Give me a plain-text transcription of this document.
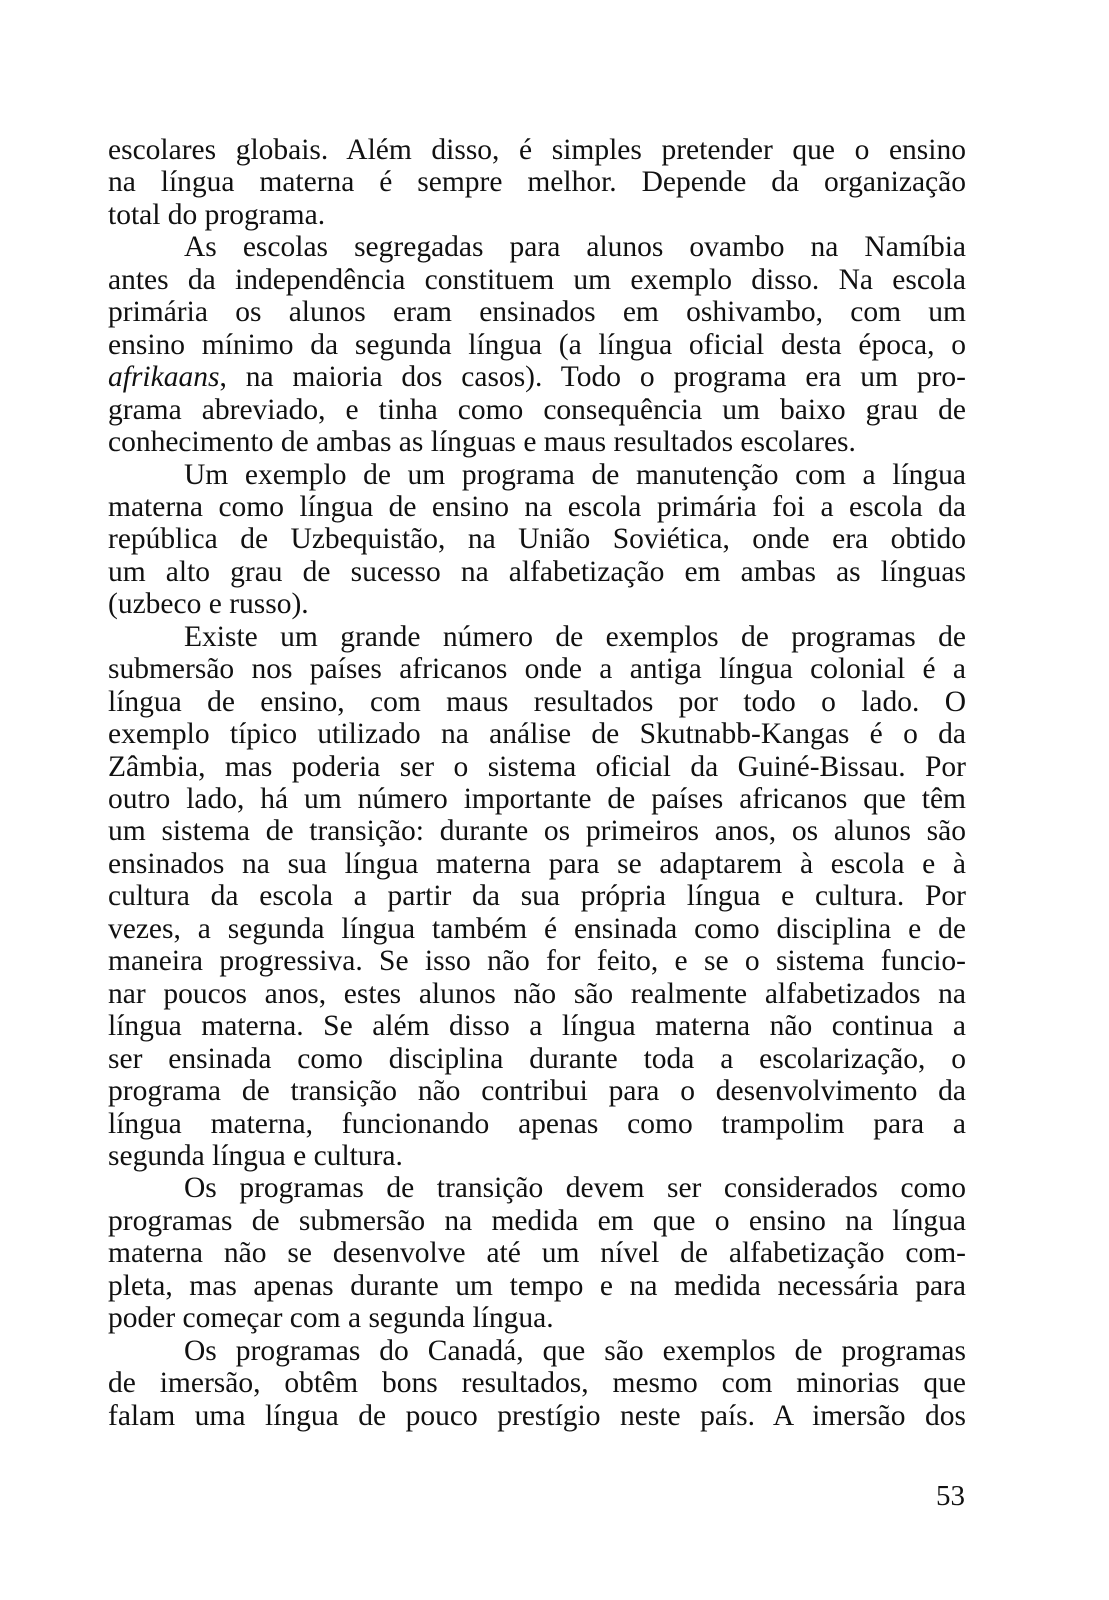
escolares globais. Além disso, é simples pretender que o ensino
na língua materna é sempre melhor. Depende da organização
total do programa.
As escolas segregadas para alunos ovambo na Namíbia
antes da independência constituem um exemplo disso. Na escola
primária os alunos eram ensinados em oshivambo, com um
ensino mínimo da segunda língua (a língua oficial desta época, o
afrikaans, na maioria dos casos). Todo o programa era um pro-
grama abreviado, e tinha como consequência um baixo grau de
conhecimento de ambas as línguas e maus resultados escolares.
Um exemplo de um programa de manutenção com a língua
materna como língua de ensino na escola primária foi a escola da
república de Uzbequistão, na União Soviética, onde era obtido
um alto grau de sucesso na alfabetização em ambas as línguas
(uzbeco e russo).
Existe um grande número de exemplos de programas de
submersão nos países africanos onde a antiga língua colonial é a
língua de ensino, com maus resultados por todo o lado. O
exemplo típico utilizado na análise de Skutnabb-Kangas é o da
Zâmbia, mas poderia ser o sistema oficial da Guiné-Bissau. Por
outro lado, há um número importante de países africanos que têm
um sistema de transição: durante os primeiros anos, os alunos são
ensinados na sua língua materna para se adaptarem à escola e à
cultura da escola a partir da sua própria língua e cultura. Por
vezes, a segunda língua também é ensinada como disciplina e de
maneira progressiva. Se isso não for feito, e se o sistema funcio-
nar poucos anos, estes alunos não são realmente alfabetizados na
língua materna. Se além disso a língua materna não continua a
ser ensinada como disciplina durante toda a escolarização, o
programa de transição não contribui para o desenvolvimento da
língua materna, funcionando apenas como trampolim para a
segunda língua e cultura.
Os programas de transição devem ser considerados como
programas de submersão na medida em que o ensino na língua
materna não se desenvolve até um nível de alfabetização com-
pleta, mas apenas durante um tempo e na medida necessária para
poder começar com a segunda língua.
Os programas do Canadá, que são exemplos de programas
de imersão, obtêm bons resultados, mesmo com minorias que
falam uma língua de pouco prestígio neste país. A imersão dos
53
